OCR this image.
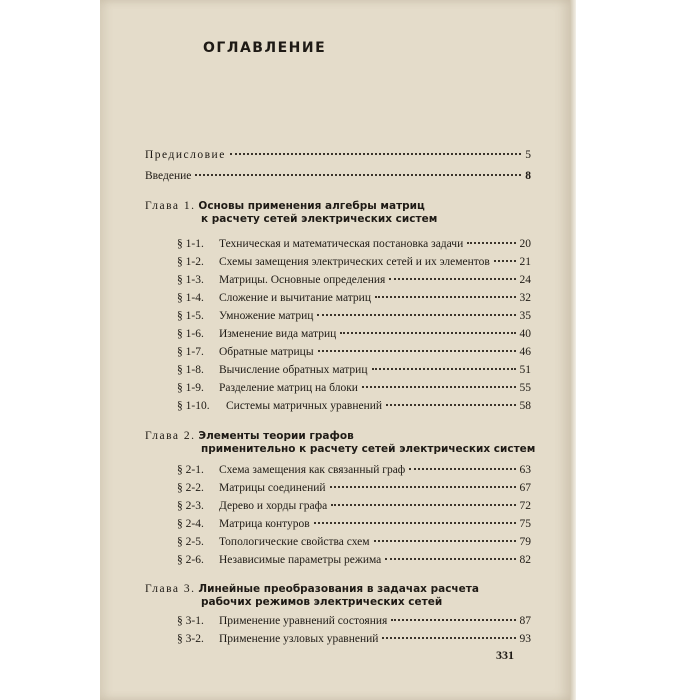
ОГЛАВЛЕНИЕ
Предисловие	5
Введение	8
Глава 1. Основы применения алгебры матриц
к расчету сетей электрических систем
§ 1-1. Техническая и математическая постановка задачи	20
§ 1-2. Схемы замещения электрических сетей и их элементов	21
§ 1-3. Матрицы. Основные определения	24
§ 1-4. Сложение и вычитание матриц	32
§ 1-5. Умножение матриц	35
§ 1-6. Изменение вида матриц	40
§ 1-7. Обратные матрицы	46
§ 1-8. Вычисление обратных матриц	51
§ 1-9. Разделение матриц на блоки	55
§ 1-10. Системы матричных уравнений	58
Глава 2. Элементы теории графов
применительно к расчету сетей электрических систем
§ 2-1. Схема замещения как связанный граф	63
§ 2-2. Матрицы соединений	67
§ 2-3. Дерево и хорды графа	72
§ 2-4. Матрица контуров	75
§ 2-5. Топологические свойства схем	79
§ 2-6. Независимые параметры режима	82
Глава 3. Линейные преобразования в задачах расчета
рабочих режимов электрических сетей
§ 3-1. Применение уравнений состояния	87
§ 3-2. Применение узловых уравнений	93
331
